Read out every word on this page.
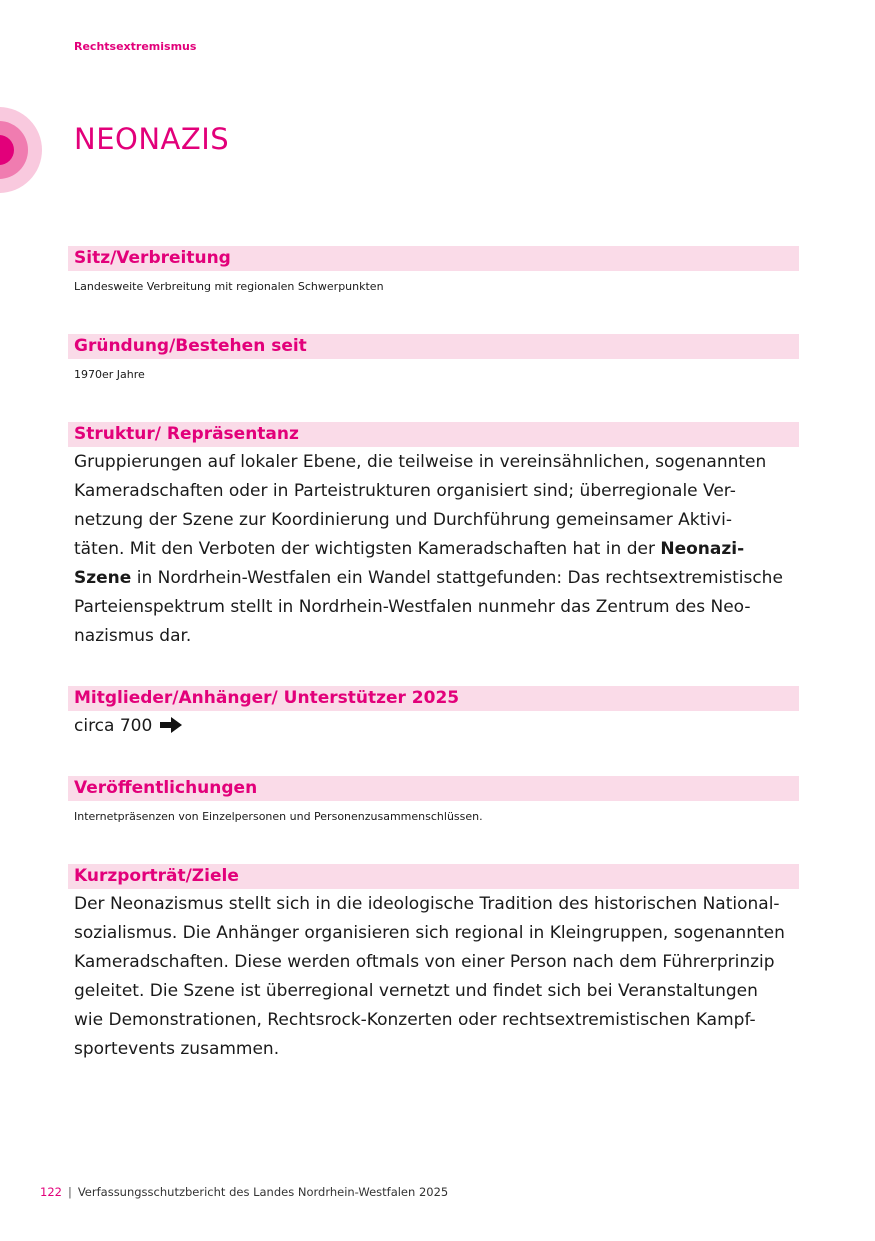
Rechtsextremismus
NEONAZIS
Sitz/Verbreitung
Landesweite Verbreitung mit regionalen Schwerpunkten
Gründung/Bestehen seit
1970er Jahre
Struktur/ Repräsentanz
Gruppierungen auf lokaler Ebene, die teilweise in vereinsähnlichen, sogenannten
Kameradschaften oder in Parteistrukturen organisiert sind; überregionale Ver-
netzung der Szene zur Koordinierung und Durchführung gemeinsamer Aktivi-
täten. Mit den Verboten der wichtigsten Kameradschaften hat in der Neonazi-
Szene in Nordrhein-Westfalen ein Wandel stattgefunden: Das rechtsextremistische
Parteienspektrum stellt in Nordrhein-Westfalen nunmehr das Zentrum des Neo-
nazismus dar.
Mitglieder/Anhänger/ Unterstützer 2025
circa 700
Veröffentlichungen
Internetpräsenzen von Einzelpersonen und Personenzusammenschlüssen.
Kurzporträt/Ziele
Der Neonazismus stellt sich in die ideologische Tradition des historischen National-
sozialismus. Die Anhänger organisieren sich regional in Kleingruppen, sogenannten
Kameradschaften. Diese werden oftmals von einer Person nach dem Führerprinzip
geleitet. Die Szene ist überregional vernetzt und findet sich bei Veranstaltungen
wie Demonstrationen, Rechtsrock-Konzerten oder rechtsextremistischen Kampf-
sportevents zusammen.
122 | Verfassungsschutzbericht des Landes Nordrhein-Westfalen 2025
